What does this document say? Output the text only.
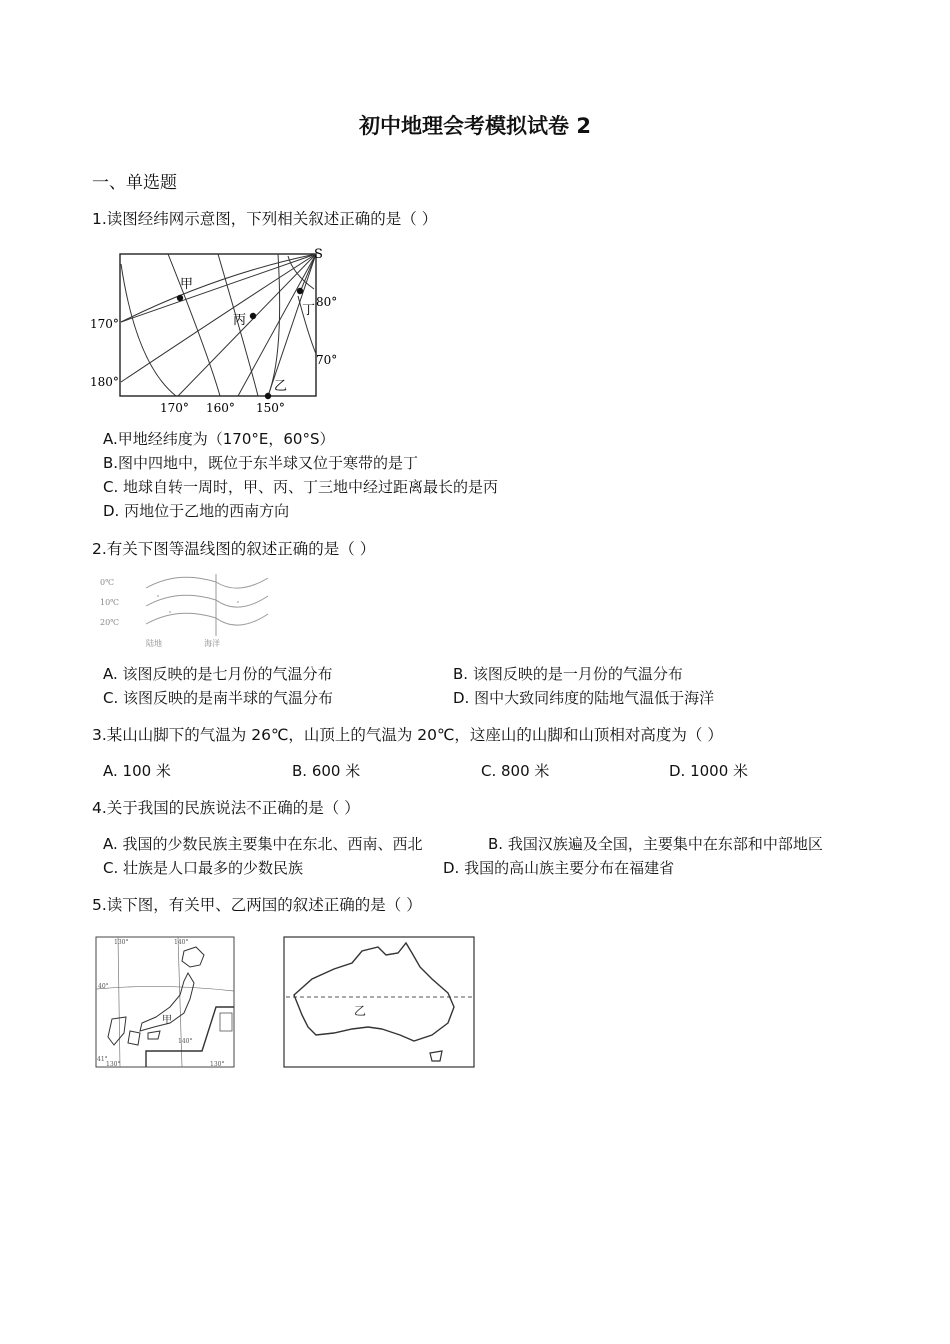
初中地理会考模拟试卷 2
一、单选题
1.读图经纬网示意图，下列相关叙述正确的是（ ）
S
甲
丙
丁
乙
170°
180°
80°
70°
170° 160° 150°
A.甲地经纬度为（170°E，60°S）
B.图中四地中，既位于东半球又位于寒带的是丁
C. 地球自转一周时，甲、丙、丁三地中经过距离最长的是丙
D. 丙地位于乙地的西南方向
2.有关下图等温线图的叙述正确的是（ ）
0℃
10℃
20℃
陆地	海洋
A. 该图反映的是七月份的气温分布	B. 该图反映的是一月份的气温分布
C. 该图反映的是南半球的气温分布	D. 图中大致同纬度的陆地气温低于海洋
3.某山山脚下的气温为 26℃，山顶上的气温为 20℃，这座山的山脚和山顶相对高度为（ ）
A. 100 米	B. 600 米	C. 800 米	D. 1000 米
4.关于我国的民族说法不正确的是（ ）
A. 我国的少数民族主要集中在东北、西南、西北	B. 我国汉族遍及全国，主要集中在东部和中部地区
C. 壮族是人口最多的少数民族	D. 我国的高山族主要分布在福建省
5.读下图，有关甲、乙两国的叙述正确的是（ ）
130°	140°
40°
41°
130°
140°
130°
甲
乙
